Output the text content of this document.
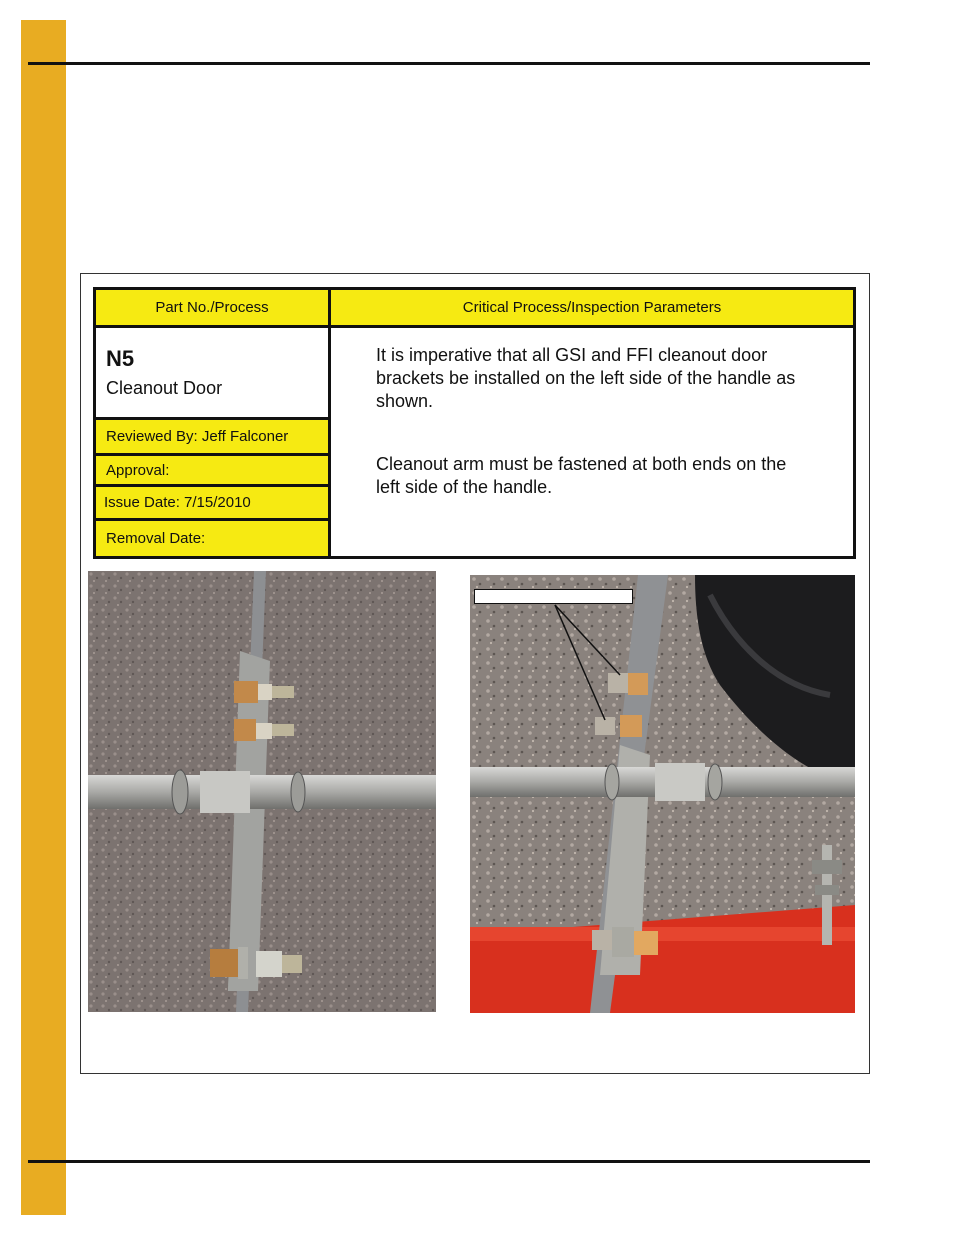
Part No./Process	Critical Process/Inspection Parameters
N5
Cleanout Door
Reviewed By: Jeff Falconer
Approval:
Issue Date: 7/15/2010
Removal Date:

It is imperative that all GSI and FFI cleanout door brackets be installed on the left side of the handle as shown.

Cleanout arm must be fastened at both ends on the left side of the handle.
